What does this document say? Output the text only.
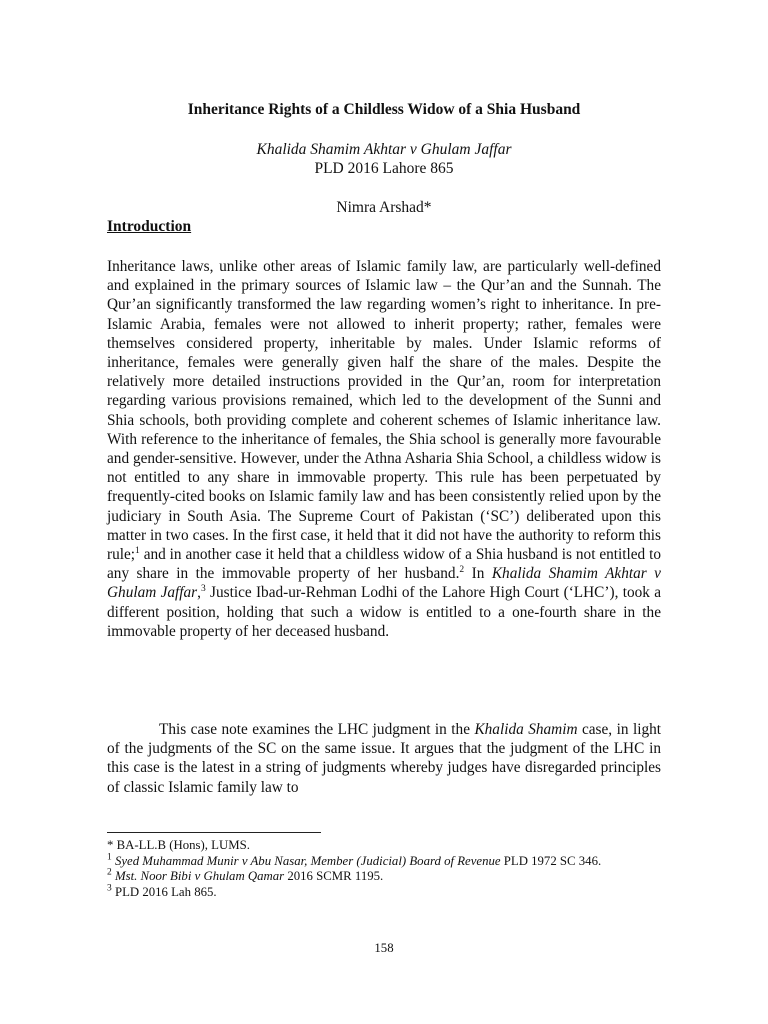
Inheritance Rights of a Childless Widow of a Shia Husband
Khalida Shamim Akhtar v Ghulam Jaffar
PLD 2016 Lahore 865
Nimra Arshad*
Introduction

Inheritance laws, unlike other areas of Islamic family law, are particularly well-defined and explained in the primary sources of Islamic law – the Qur’an and the Sunnah. The Qur’an significantly transformed the law regarding women’s right to inheritance. In pre-Islamic Arabia, females were not allowed to inherit property; rather, females were themselves considered property, inheritable by males. Under Islamic reforms of inheritance, females were generally given half the share of the males. Despite the relatively more detailed instructions provided in the Qur’an, room for interpretation regarding various provisions remained, which led to the development of the Sunni and Shia schools, both providing complete and coherent schemes of Islamic inheritance law. With reference to the inheritance of females, the Shia school is generally more favourable and gender-sensitive. However, under the Athna Asharia Shia School, a childless widow is not entitled to any share in immovable property. This rule has been perpetuated by frequently-cited books on Islamic family law and has been consistently relied upon by the judiciary in South Asia. The Supreme Court of Pakistan (‘SC’) deliberated upon this matter in two cases. In the first case, it held that it did not have the authority to reform this rule;$^1$ and in another case it held that a childless widow of a Shia husband is not entitled to any share in the immovable property of her husband.$^2$ In Khalida Shamim Akhtar v Ghulam Jaffar,$^3$ Justice Ibad-ur-Rehman Lodhi of the Lahore High Court (‘LHC’), took a different position, holding that such a widow is entitled to a one-fourth share in the immovable property of her deceased husband.

This case note examines the LHC judgment in the Khalida Shamim case, in light of the judgments of the SC on the same issue. It argues that the judgment of the LHC in this case is the latest in a string of judgments whereby judges have disregarded principles of classic Islamic family law to

* BA-LL.B (Hons), LUMS.

$^1$ Syed Muhammad Munir v Abu Nasar, Member (Judicial) Board of Revenue PLD 1972 SC 346.

$^2$ Mst. Noor Bibi v Ghulam Qamar 2016 SCMR 1195.

$^3$ PLD 2016 Lah 865.

158
